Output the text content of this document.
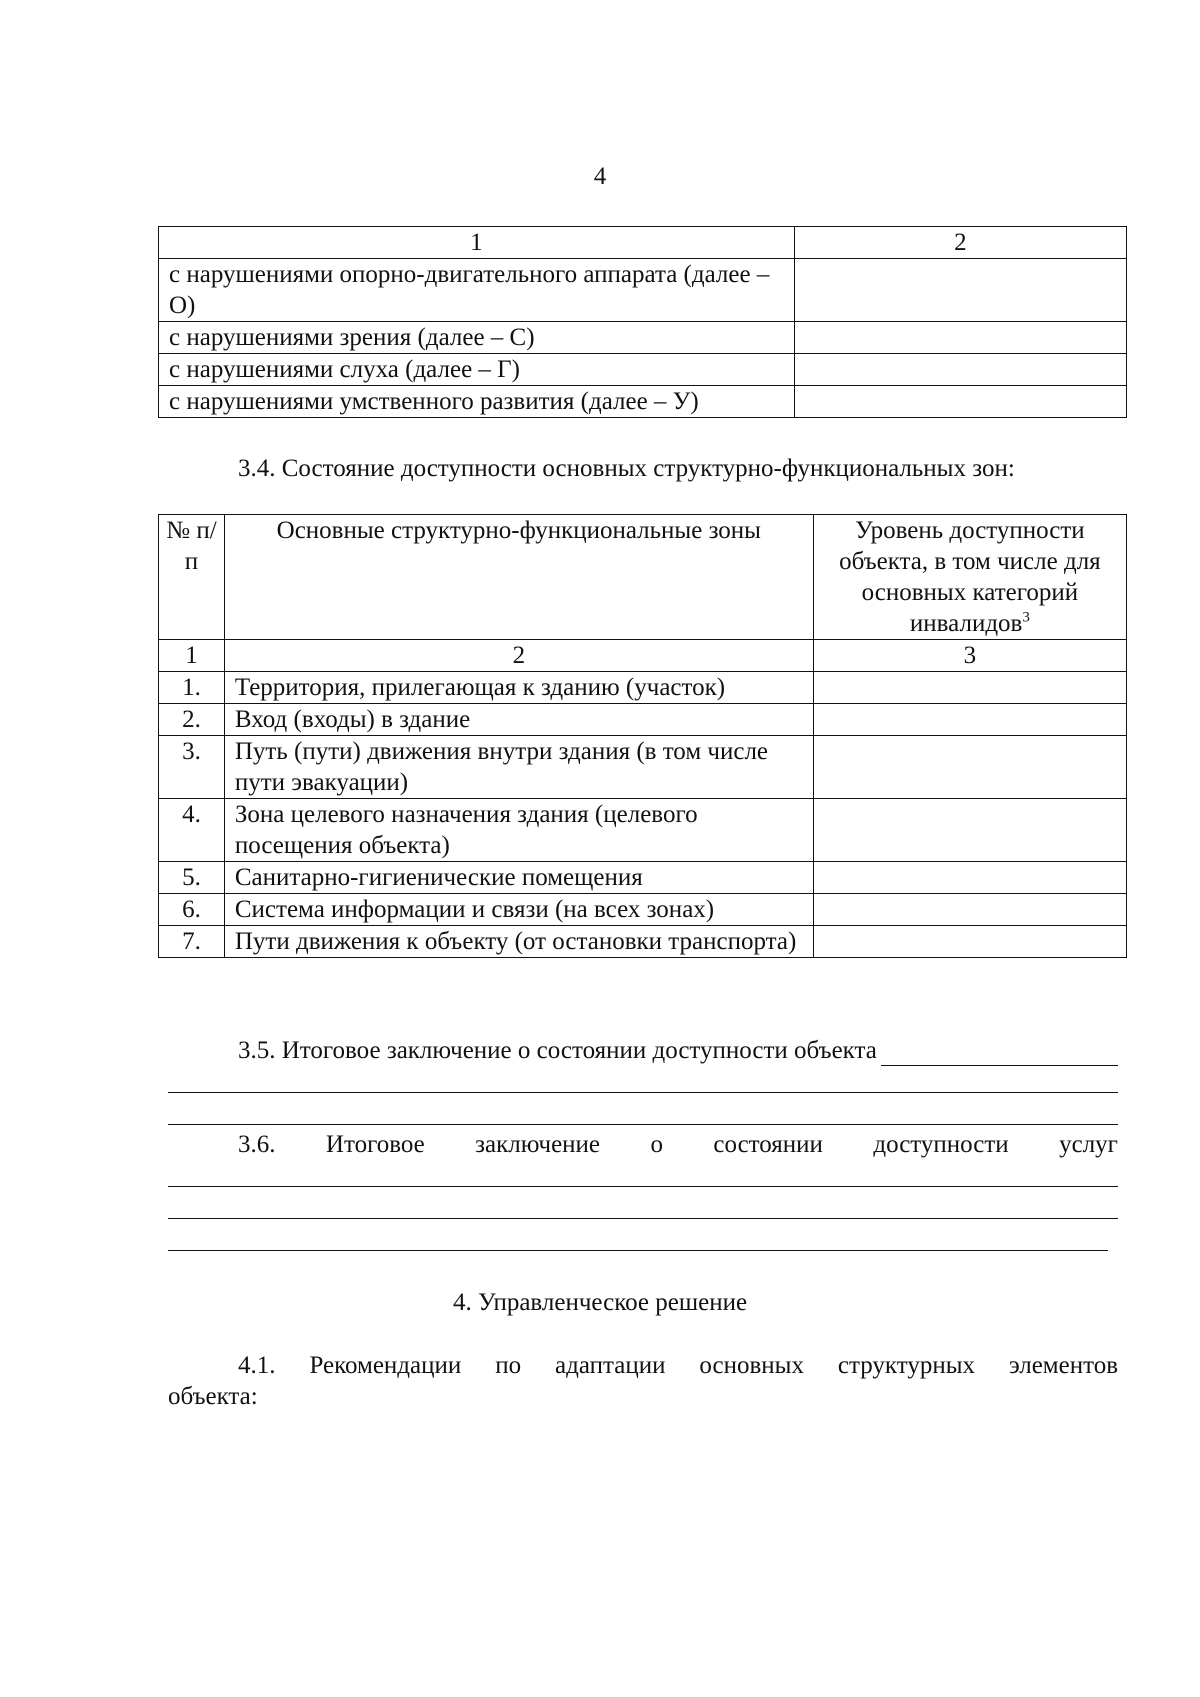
4
1	2
с нарушениями опорно-двигательного аппарата (далее – О)	
с нарушениями зрения (далее – С)	
с нарушениями слуха (далее – Г)	
с нарушениями умственного развития (далее – У)	
3.4. Состояние доступности основных структурно-функциональных зон:
№ п/п	Основные структурно-функциональные зоны	Уровень доступности объекта, в том числе для основных категорий инвалидов$^3$
1	2	3
1.	Территория, прилегающая к зданию (участок)	
2.	Вход (входы) в здание	
3.	Путь (пути) движения внутри здания (в том числе пути эвакуации)	
4.	Зона целевого назначения здания (целевого посещения объекта)	
5.	Санитарно-гигиенические помещения	
6.	Система информации и связи (на всех зонах)	
7.	Пути движения к объекту (от остановки транспорта)	
3.5. Итоговое заключение о состоянии доступности объекта
3.6. Итоговое заключение о состоянии доступности услуг
4. Управленческое решение
4.1. Рекомендации по адаптации основных структурных элементов
объекта:
